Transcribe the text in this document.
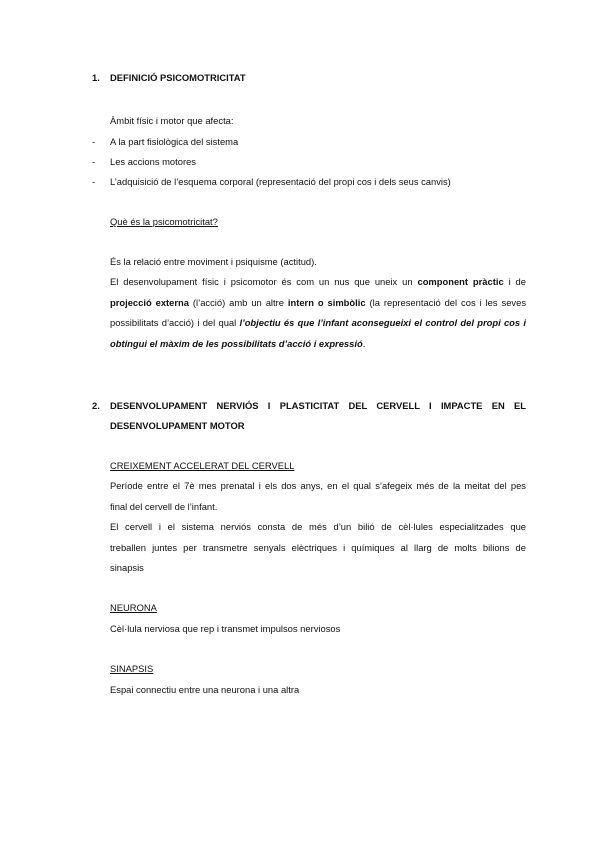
1. DEFINICIÓ PSICOMOTRICITAT
Àmbit físic i motor que afecta:
- A la part fisiològica del sistema
- Les accions motores
- L’adquisició de l’esquema corporal (representació del propi cos i dels seus canvis)
Què és la psicomotricitat?
És la relació entre moviment i psiquisme (actitud).
El desenvolupament físic i psicomotor és com un nus que uneix un component pràctic i de
projecció externa (l’acció) amb un altre intern o simbòlic (la representació del cos i les seves
possibilitats d’acció) i del qual l’objectiu és que l’infant aconsegueixi el control del propi cos i
obtingui el màxim de les possibilitats d’acció i expressió.
2. DESENVOLUPAMENT NERVIÓS I PLASTICITAT DEL CERVELL I IMPACTE EN EL
DESENVOLUPAMENT MOTOR
CREIXEMENT ACCELERAT DEL CERVELL
Període entre el 7è mes prenatal i els dos anys, en el qual s’afegeix més de la meitat del pes
final del cervell de l’infant.
El cervell i el sistema nerviós consta de més d’un bilió de cèl·lules especialitzades que
treballen juntes per transmetre senyals elèctriques i químiques al llarg de molts bilions de
sinapsis
NEURONA
Cèl·lula nerviosa que rep i transmet impulsos nerviosos
SINAPSIS
Espai connectiu entre una neurona i una altra
